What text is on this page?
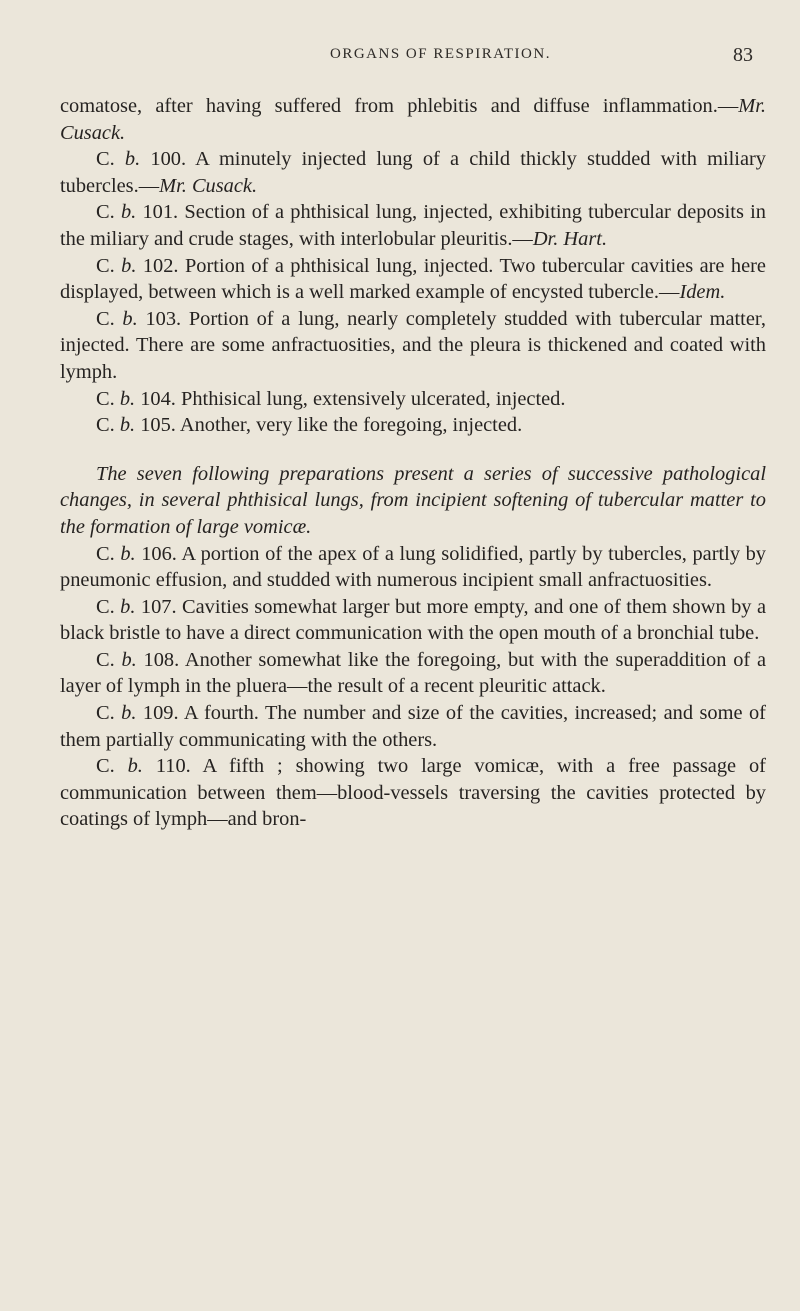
ORGANS OF RESPIRATION.	83

comatose, after having suffered from phlebitis and diffuse inflammation.—Mr. Cusack.

C. b. 100. A minutely injected lung of a child thickly studded with miliary tubercles.—Mr. Cusack.

C. b. 101. Section of a phthisical lung, injected, exhibiting tubercular deposits in the miliary and crude stages, with interlobular pleuritis.—Dr. Hart.

C. b. 102. Portion of a phthisical lung, injected. Two tubercular cavities are here displayed, between which is a well marked example of encysted tubercle.—Idem.

C. b. 103. Portion of a lung, nearly completely studded with tubercular matter, injected. There are some anfractuosities, and the pleura is thickened and coated with lymph.

C. b. 104. Phthisical lung, extensively ulcerated, injected.

C. b. 105. Another, very like the foregoing, injected.

The seven following preparations present a series of successive pathological changes, in several phthisical lungs, from incipient softening of tubercular matter to the formation of large vomicæ.

C. b. 106. A portion of the apex of a lung solidified, partly by tubercles, partly by pneumonic effusion, and studded with numerous incipient small anfractuosities.

C. b. 107. Cavities somewhat larger but more empty, and one of them shown by a black bristle to have a direct communication with the open mouth of a bronchial tube.

C. b. 108. Another somewhat like the foregoing, but with the superaddition of a layer of lymph in the pluera—the result of a recent pleuritic attack.

C. b. 109. A fourth. The number and size of the cavities, increased; and some of them partially communicating with the others.

C. b. 110. A fifth ; showing two large vomicæ, with a free passage of communication between them—blood-vessels traversing the cavities protected by coatings of lymph—and bron-
